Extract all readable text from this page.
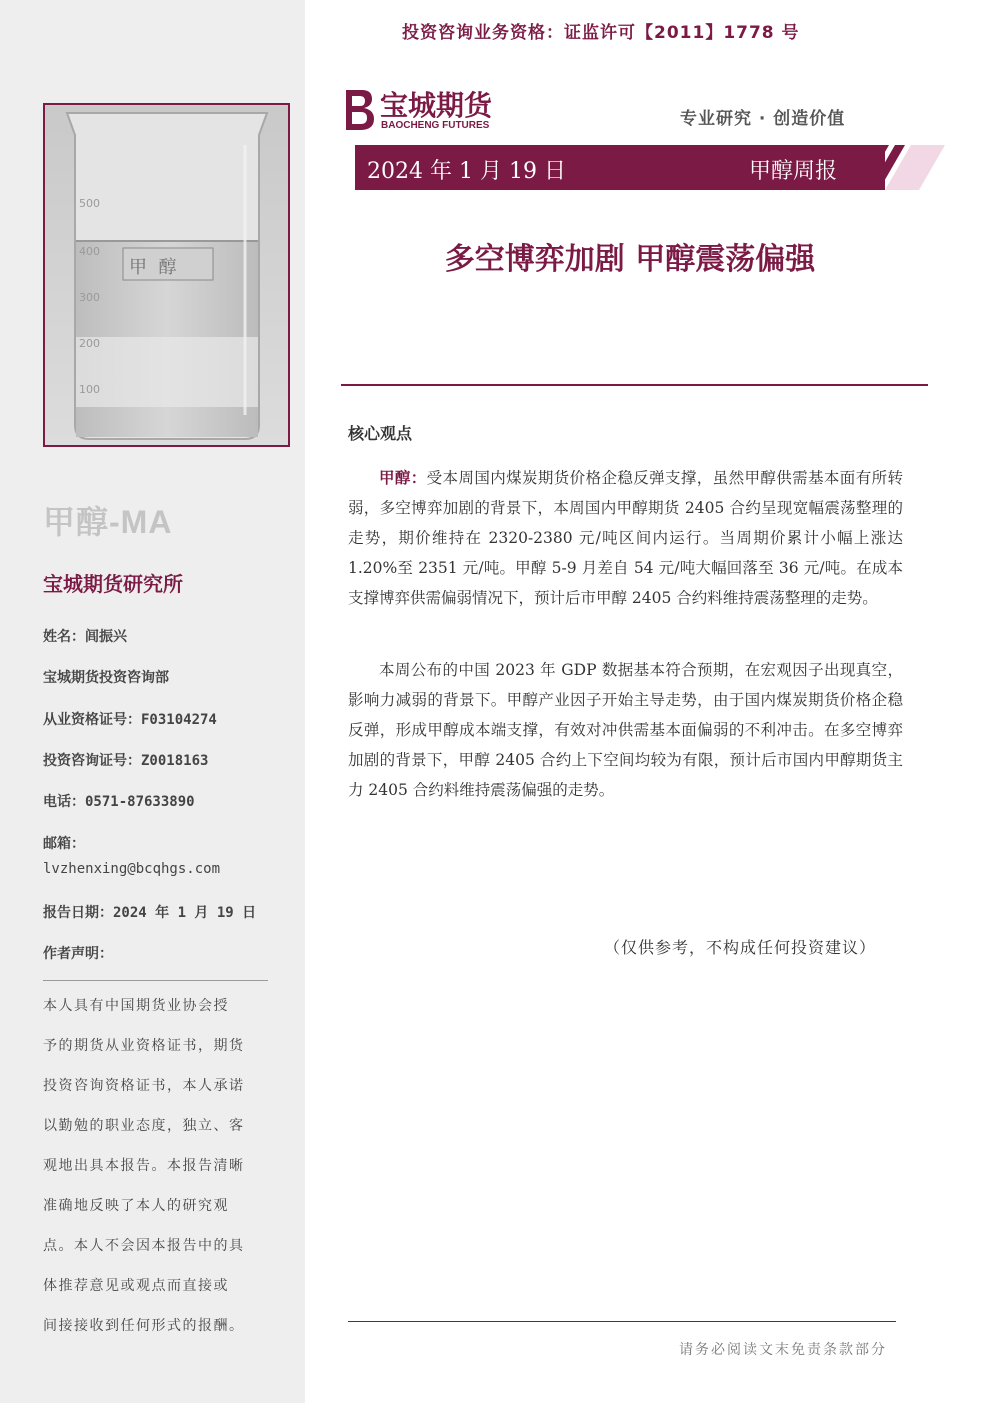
500
400
300
200
100
甲  醇
甲醇-MA
宝城期货研究所
姓名：闾振兴
宝城期货投资咨询部
从业资格证号：F03104274
投资咨询证号：Z0018163
电话：0571-87633890
邮箱：
lvzhenxing@bcqhgs.com
报告日期：2024 年 1 月 19 日
作者声明：
本人具有中国期货业协会授
予的期货从业资格证书，期货
投资咨询资格证书，本人承诺
以勤勉的职业态度，独立、客
观地出具本报告。本报告清晰
准确地反映了本人的研究观
点。本人不会因本报告中的具
体推荐意见或观点而直接或
间接接收到任何形式的报酬。
投资咨询业务资格：证监许可【2011】1778 号
宝城期货
BAOCHENG FUTURES	专业研究 · 创造价值
2024 年 1 月 19 日	甲醇周报
多空博弈加剧 甲醇震荡偏强
核心观点
甲醇：受本周国内煤炭期货价格企稳反弹支撑，虽然甲醇供需基本面有所转弱，多空博弈加剧的背景下，本周国内甲醇期货 2405 合约呈现宽幅震荡整理的走势，期价维持在 2320-2380 元/吨区间内运行。当周期价累计小幅上涨达 1.20%至 2351 元/吨。甲醇 5-9 月差自 54 元/吨大幅回落至 36 元/吨。在成本支撑博弈供需偏弱情况下，预计后市甲醇 2405 合约料维持震荡整理的走势。
本周公布的中国 2023 年 GDP 数据基本符合预期，在宏观因子出现真空，影响力减弱的背景下。甲醇产业因子开始主导走势，由于国内煤炭期货价格企稳反弹，形成甲醇成本端支撑，有效对冲供需基本面偏弱的不利冲击。在多空博弈加剧的背景下，甲醇 2405 合约上下空间均较为有限，预计后市国内甲醇期货主力 2405 合约料维持震荡偏强的走势。
（仅供参考，不构成任何投资建议）
请务必阅读文末免责条款部分
